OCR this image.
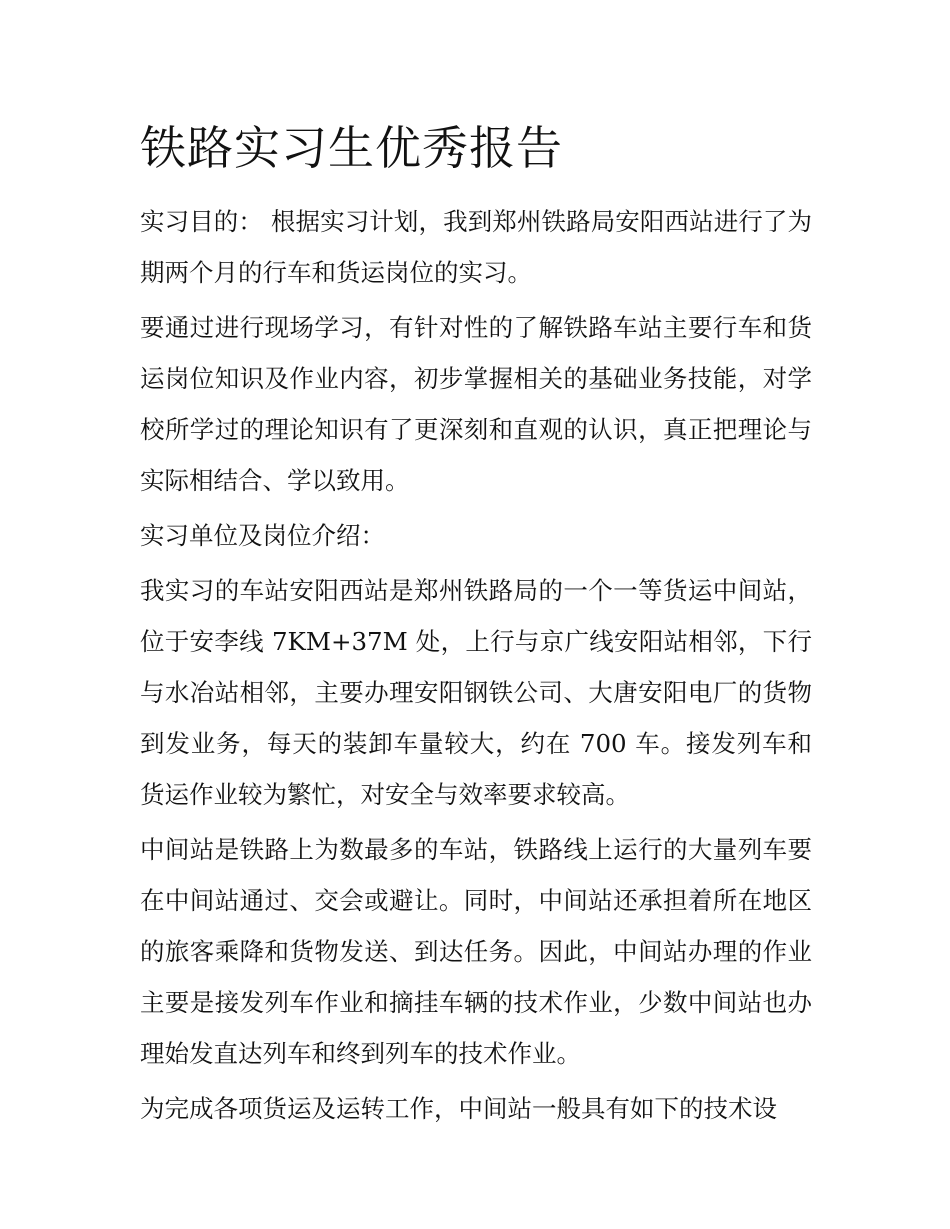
铁路实习生优秀报告

实习目的： 根据实习计划，我到郑州铁路局安阳西站进行了为期两个月的行车和货运岗位的实习。

要通过进行现场学习，有针对性的了解铁路车站主要行车和货运岗位知识及作业内容，初步掌握相关的基础业务技能，对学校所学过的理论知识有了更深刻和直观的认识，真正把理论与实际相结合、学以致用。

实习单位及岗位介绍：

我实习的车站安阳西站是郑州铁路局的一个一等货运中间站，位于安李线 7KM+37M 处，上行与京广线安阳站相邻，下行与水冶站相邻，主要办理安阳钢铁公司、大唐安阳电厂的货物到发业务，每天的装卸车量较大，约在 700 车。接发列车和货运作业较为繁忙，对安全与效率要求较高。

中间站是铁路上为数最多的车站，铁路线上运行的大量列车要在中间站通过、交会或避让。同时，中间站还承担着所在地区的旅客乘降和货物发送、到达任务。因此，中间站办理的作业主要是接发列车作业和摘挂车辆的技术作业，少数中间站也办理始发直达列车和终到列车的技术作业。

为完成各项货运及运转工作，中间站一般具有如下的技术设
